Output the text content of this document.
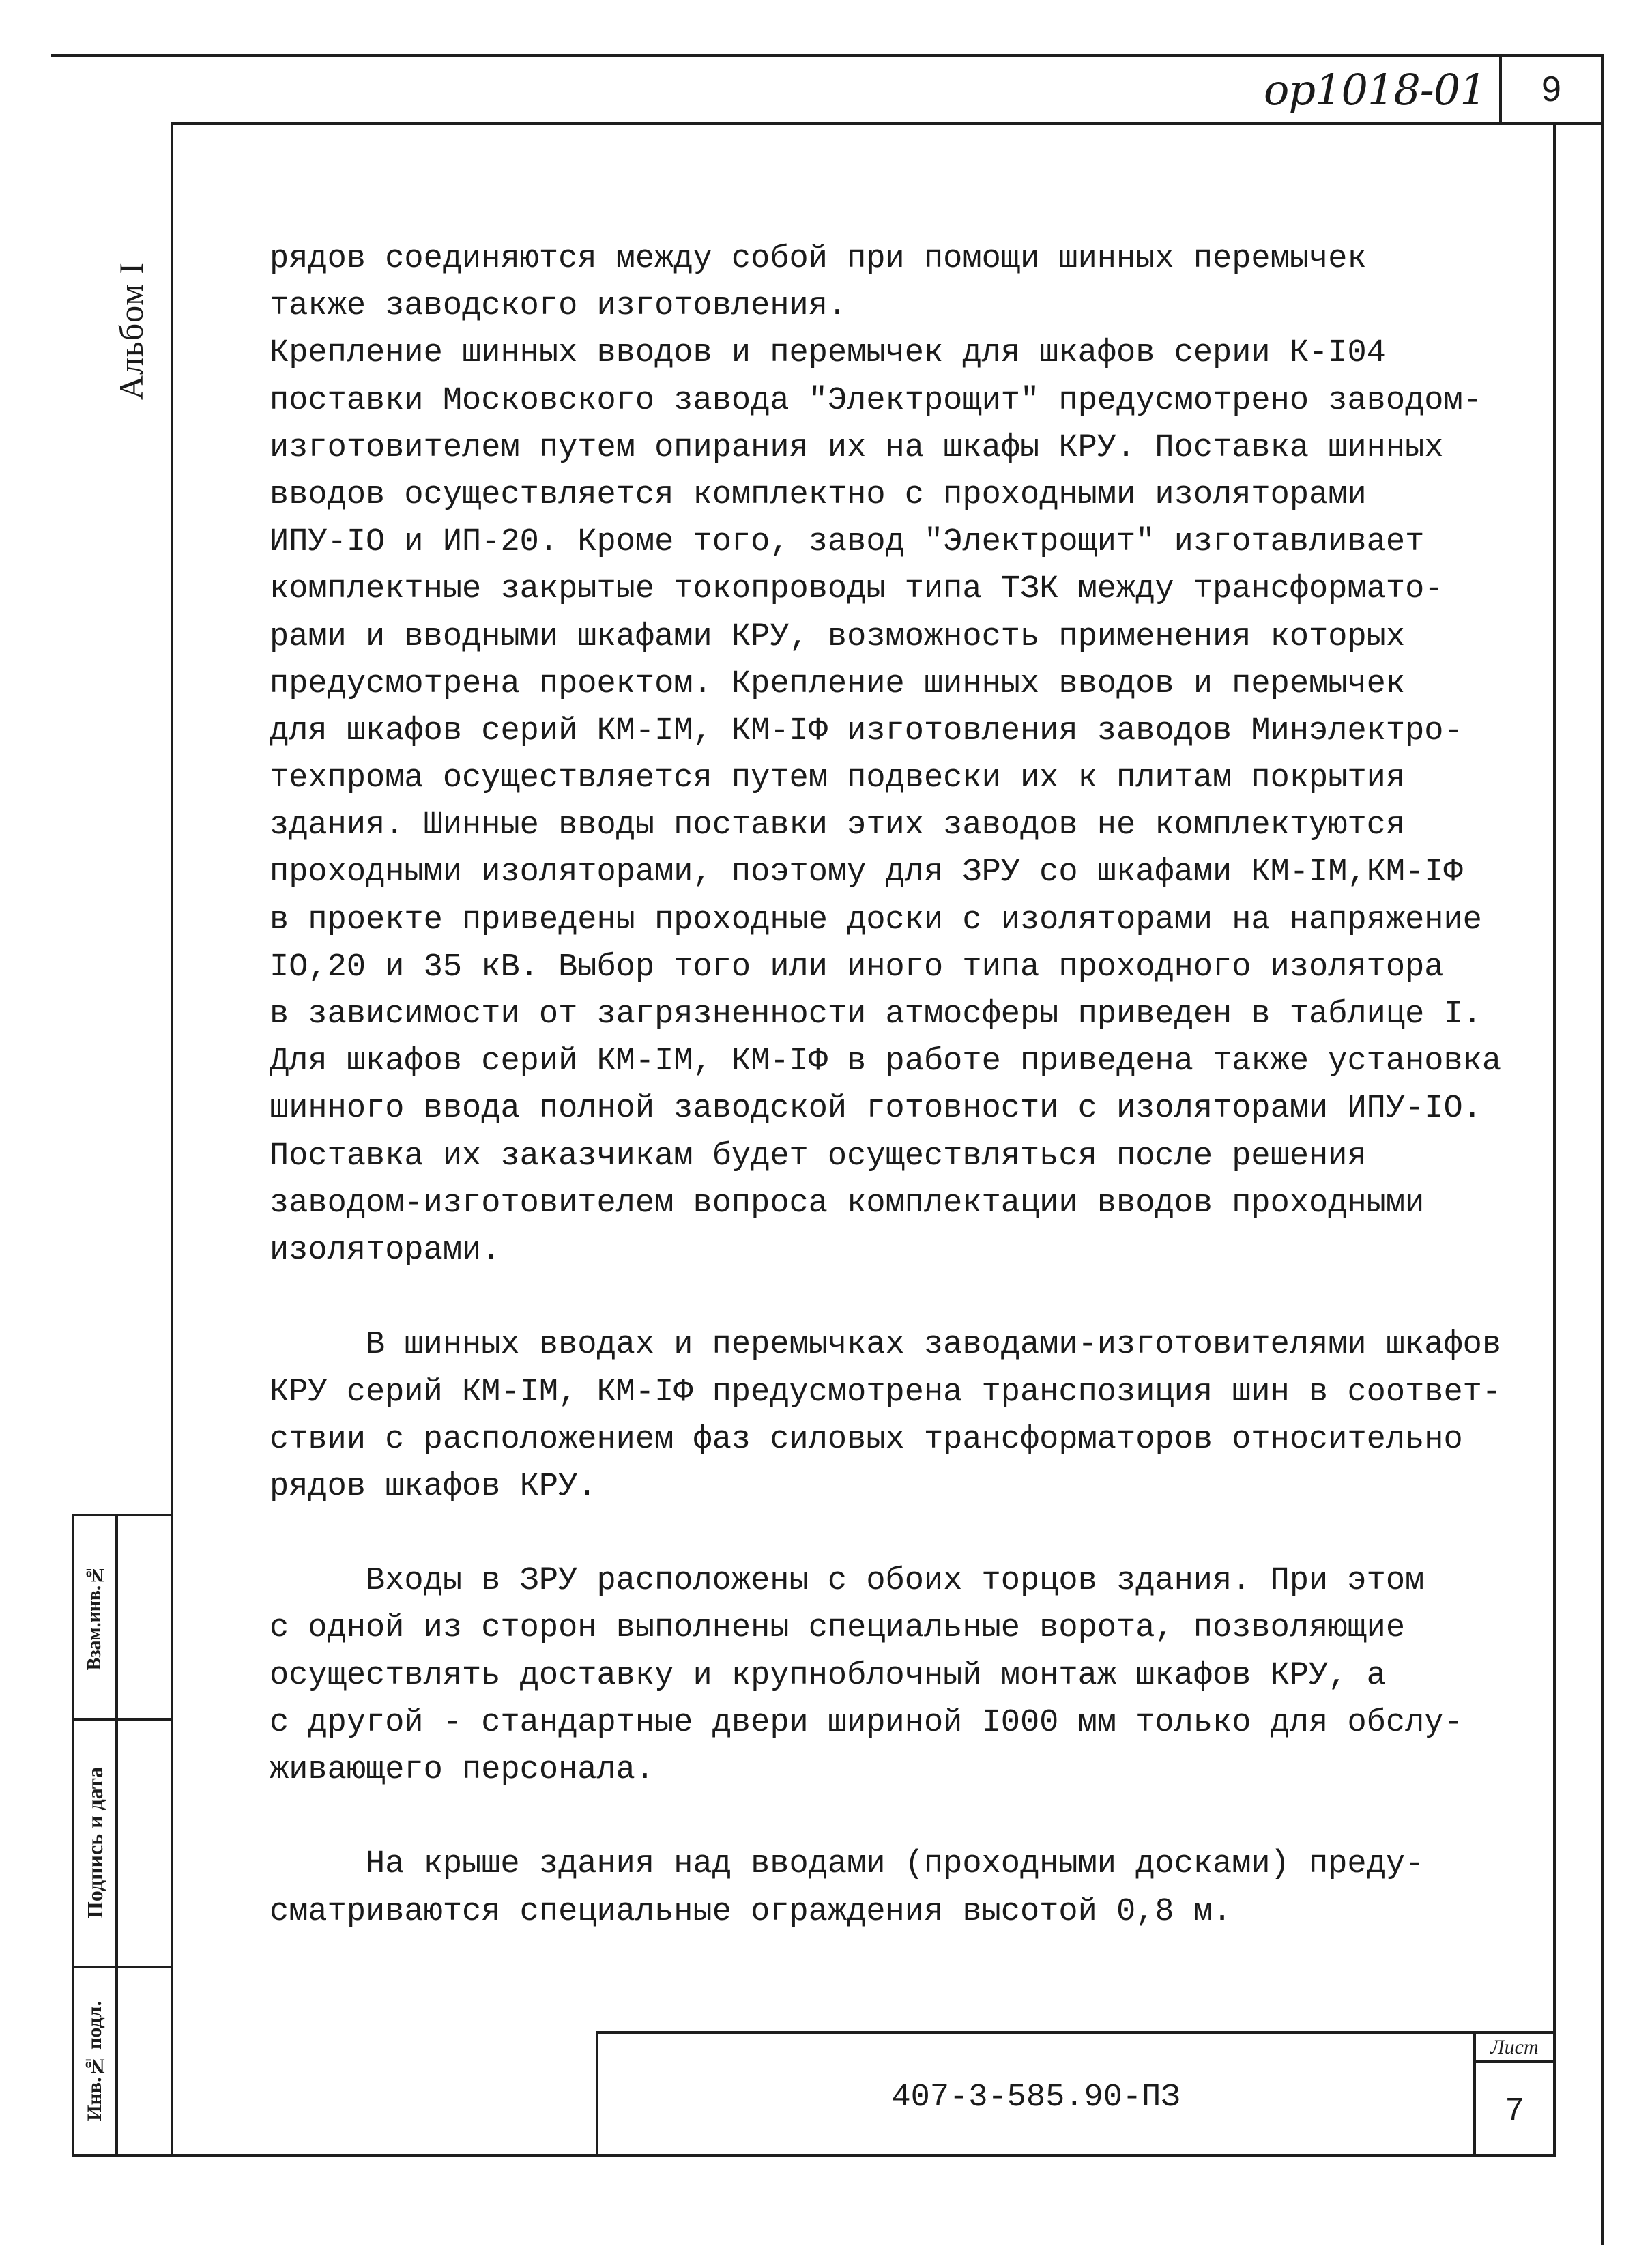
ор1018-01	9
Альбом I
Взам.инв.№
Подпись и дата
Инв.№ подл.
рядов соединяются между собой при помощи шинных перемычек
также заводского изготовления.
Крепление шинных вводов и перемычек для шкафов серии К-I04
поставки Московского завода "Электрощит" предусмотрено заводом-
изготовителем путем опирания их на шкафы КРУ. Поставка шинных
вводов осуществляется комплектно с проходными изоляторами
ИПУ-IO и ИП-20. Кроме того, завод "Электрощит" изготавливает
комплектные закрытые токопроводы типа ТЗК между трансформато-
рами и вводными шкафами КРУ, возможность применения которых
предусмотрена проектом. Крепление шинных вводов и перемычек
для шкафов серий КМ-IМ, КМ-IФ изготовления заводов Минэлектро-
техпрома осуществляется путем подвески их к плитам покрытия
здания. Шинные вводы поставки этих заводов не комплектуются
проходными изоляторами, поэтому для ЗРУ со шкафами КМ-IМ,КМ-IФ
в проекте приведены проходные доски с изоляторами на напряжение
IO,20 и 35 кВ. Выбор того или иного типа проходного изолятора
в зависимости от загрязненности атмосферы приведен в таблице I.
Для шкафов серий КМ-IМ, КМ-IФ в работе приведена также установка
шинного ввода полной заводской готовности с изоляторами ИПУ-IO.
Поставка их заказчикам будет осуществляться после решения
заводом-изготовителем вопроса комплектации вводов проходными
изоляторами.
В шинных вводах и перемычках заводами-изготовителями шкафов
КРУ серий КМ-IМ, КМ-IФ предусмотрена транспозиция шин в соответ-
ствии с расположением фаз силовых трансформаторов относительно
рядов шкафов КРУ.
Входы в ЗРУ расположены с обоих торцов здания. При этом
с одной из сторон выполнены специальные ворота, позволяющие
осуществлять доставку и крупноблочный монтаж шкафов КРУ, а
с другой - стандартные двери шириной I000 мм только для обслу-
живающего персонала.
На крыше здания над вводами (проходными досками) преду-
сматриваются специальные ограждения высотой 0,8 м.
407-3-585.90-ПЗ
Лист
7
